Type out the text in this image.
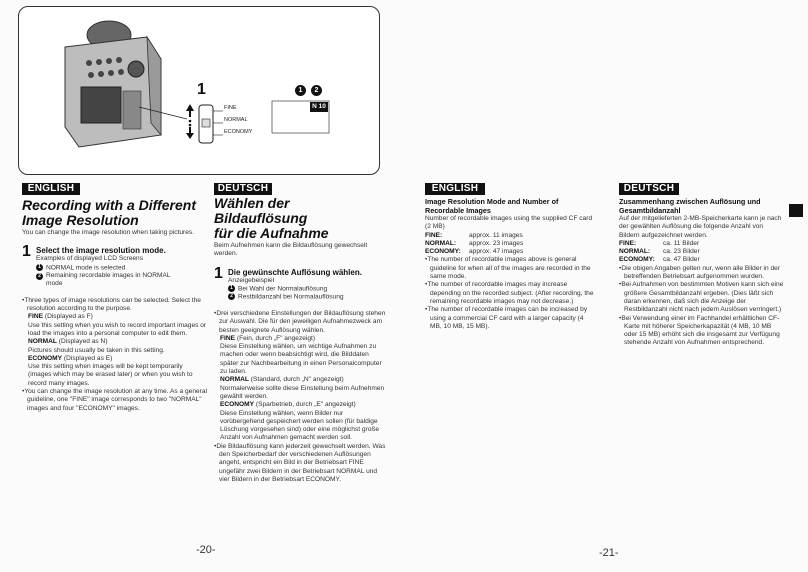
1	1	2
FINE
NORMAL
ECONOMY
N 10
ENGLISH
Recording with a Different
Image Resolution

You can change the image resolution when taking pictures.

1 Select the image resolution mode.
Examples of displayed LCD Screens
1 NORMAL mode is selected
2 Remaining recordable images in NORMAL mode

•Three types of image resolutions can be selected. Select the resolution according to the purpose.

FINE (Displayed as F)

Use this setting when you wish to record important images or load the images into a personal computer to edit them.

NORMAL (Displayed as N)

Pictures should usually be taken in this setting.

ECONOMY (Displayed as E)

Use this setting when images will be kept temporarily (images which may be erased later) or when you wish to record many images.

•You can change the image resolution at any time. As a general guideline, one "FINE" image corresponds to two "NORMAL" images and four "ECONOMY" images.

DEUTSCH
Wählen der Bildauflösung
für die Aufnahme

Beim Aufnehmen kann die Bildauflösung gewechselt werden.

1 Die gewünschte Auflösung wählen.
Anzeigebeispiel
1 Bei Wahl der Normalauflösung
2 Restbildanzahl bei Normalauflösung

•Drei verschiedene Einstellungen der Bildauflösung stehen zur Auswahl. Die für den jeweiligen Aufnahmezweck am besten geeignete Auflösung wählen.

FINE (Fein, durch „F" angezeigt)

Diese Einstellung wählen, um wichtige Aufnahmen zu machen oder wenn beabsichtigt wird, die Bilddaten später zur Nachbearbeitung in einen Personalcomputer zu laden.

NORMAL (Standard, durch „N" angezeigt)

Normalerweise sollte diese Einstellung beim Aufnehmen gewählt werden.

ECONOMY (Sparbetrieb, durch „E" angezeigt)

Diese Einstellung wählen, wenn Bilder nur vorübergehend gespeichert werden sollen (für baldige Löschung vorgesehen sind) oder eine möglichst große Anzahl von Aufnahmen gemacht werden soll.

•Die Bildauflösung kann jederzeit gewechselt werden. Was den Speicherbedarf der verschiedenen Auflösungen angeht, entspricht ein Bild in der Betriebsart FINE ungefähr zwei Bildern in der Betriebsart NORMAL und vier Bildern in der Betriebsart ECONOMY.

-20-
ENGLISH
Image Resolution Mode and Number of Recordable Images

Number of recordable images using the supplied CF card (2 MB)

FINE:	approx. 11 images
NORMAL:	approx. 23 images
ECONOMY:	approx. 47 images

•The number of recordable images above is general guideline for when all of the images are recorded in the same mode.

•The number of recordable images may increase depending on the recorded subject. (After recording, the remaining recordable images may not decrease.)

•The number of recordable images can be increased by using a commercial CF card with a larger capacity (4 MB, 10 MB, 15 MB).

DEUTSCH
Zusammenhang zwischen Auflösung und Gesamtbildanzahl

Auf der mitgelieferten 2-MB-Speicherkarte kann je nach der gewählten Auflösung die folgende Anzahl von Bildern aufgezeichnet werden.

FINE:	ca. 11 Bilder
NORMAL:	ca. 23 Bilder
ECONOMY:	ca. 47 Bilder

•Die obigen Angaben gelten nur, wenn alle Bilder in der betreffenden Betriebsart aufgenommen wurden.

•Bei Aufnahmen von bestimmten Motiven kann sich eine größere Gesamtbildanzahl ergeben. (Dies läßt sich daran erkennen, daß sich die Anzeige der Restbildanzahl nicht nach jedem Auslösen verringert.)

•Bei Verwendung einer im Fachhandel erhältlichen CF-Karte mit höherer Speicherkapazität (4 MB, 10 MB oder 15 MB) erhöht sich die insgesamt zur Verfügung stehende Anzahl von Aufnahmen entsprechend.

-21-
